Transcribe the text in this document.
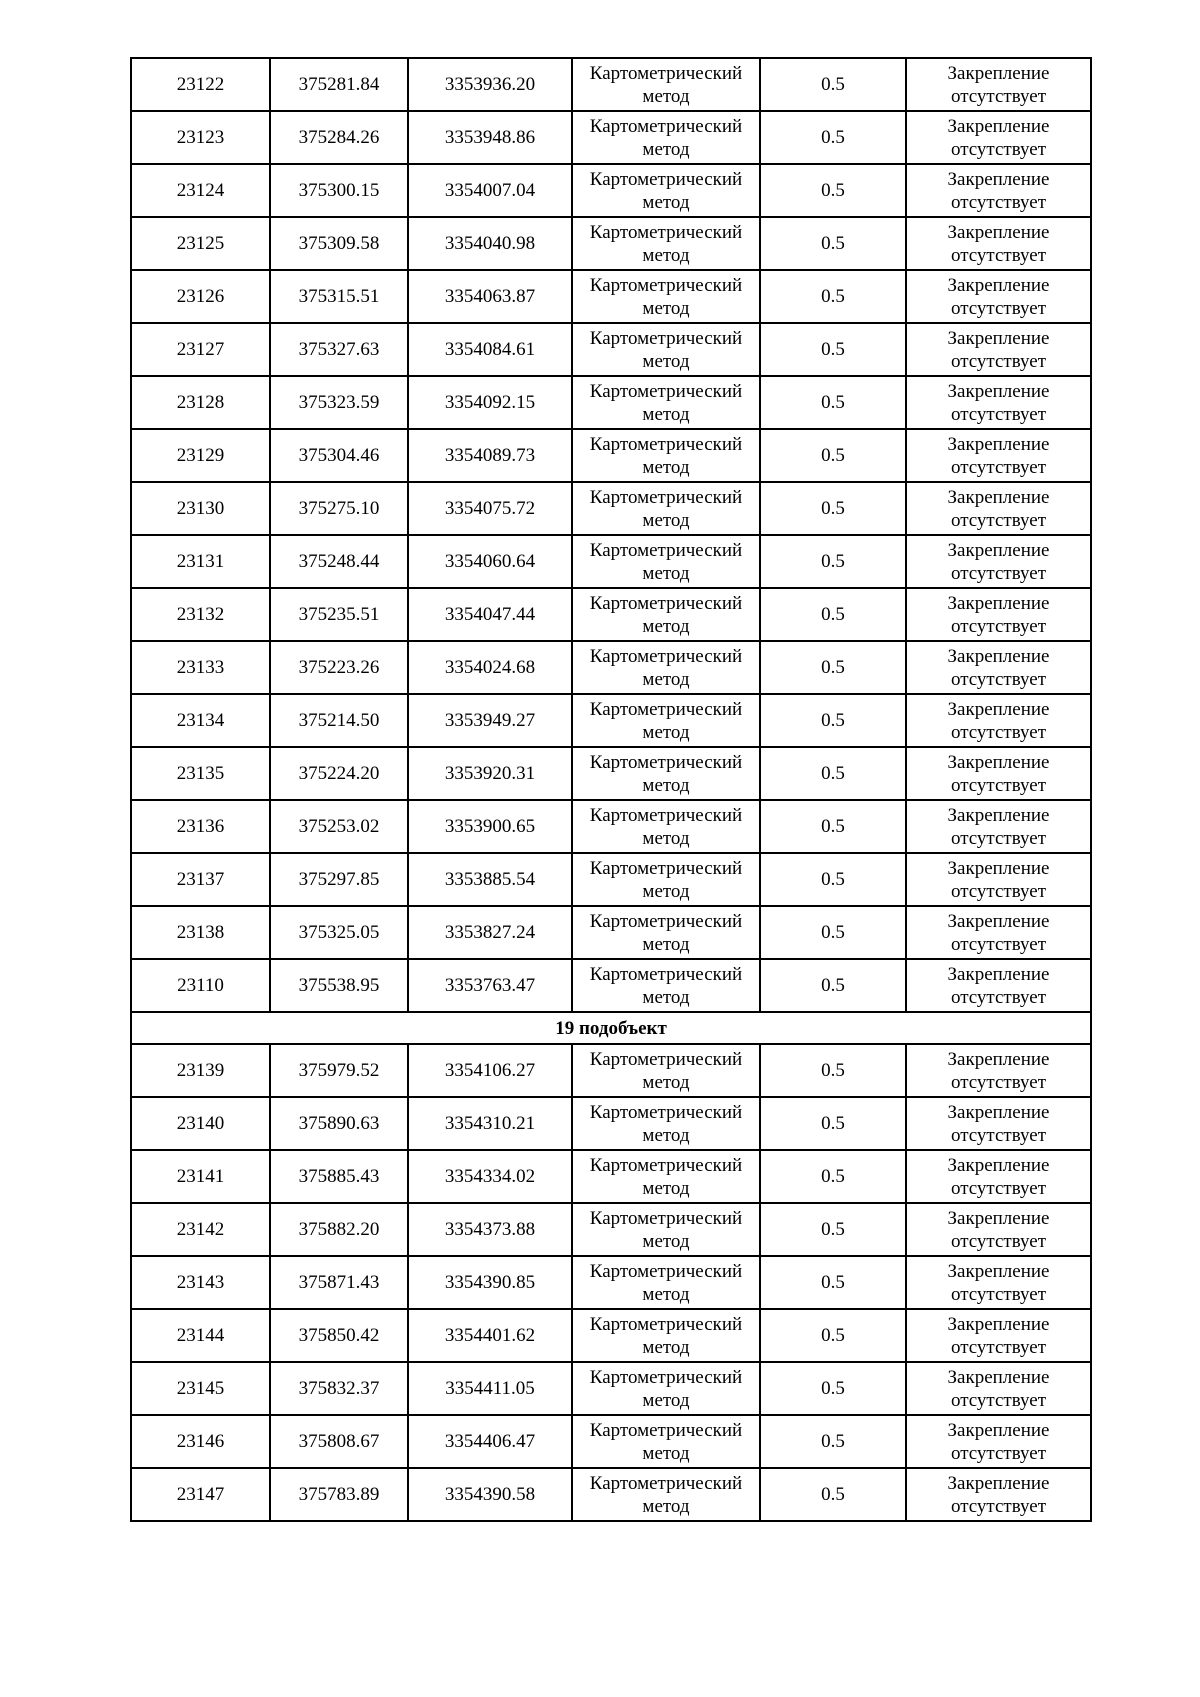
23122	375281.84	3353936.20	Картометрический
метод	0.5	Закрепление
отсутствует

23123	375284.26	3353948.86	Картометрический
метод	0.5	Закрепление
отсутствует

23124	375300.15	3354007.04	Картометрический
метод	0.5	Закрепление
отсутствует

23125	375309.58	3354040.98	Картометрический
метод	0.5	Закрепление
отсутствует

23126	375315.51	3354063.87	Картометрический
метод	0.5	Закрепление
отсутствует

23127	375327.63	3354084.61	Картометрический
метод	0.5	Закрепление
отсутствует

23128	375323.59	3354092.15	Картометрический
метод	0.5	Закрепление
отсутствует

23129	375304.46	3354089.73	Картометрический
метод	0.5	Закрепление
отсутствует

23130	375275.10	3354075.72	Картометрический
метод	0.5	Закрепление
отсутствует

23131	375248.44	3354060.64	Картометрический
метод	0.5	Закрепление
отсутствует

23132	375235.51	3354047.44	Картометрический
метод	0.5	Закрепление
отсутствует

23133	375223.26	3354024.68	Картометрический
метод	0.5	Закрепление
отсутствует

23134	375214.50	3353949.27	Картометрический
метод	0.5	Закрепление
отсутствует

23135	375224.20	3353920.31	Картометрический
метод	0.5	Закрепление
отсутствует

23136	375253.02	3353900.65	Картометрический
метод	0.5	Закрепление
отсутствует

23137	375297.85	3353885.54	Картометрический
метод	0.5	Закрепление
отсутствует

23138	375325.05	3353827.24	Картометрический
метод	0.5	Закрепление
отсутствует

23110	375538.95	3353763.47	Картометрический
метод	0.5	Закрепление
отсутствует

19 подобъект					
23139	375979.52	3354106.27	Картометрический
метод	0.5	Закрепление
отсутствует

23140	375890.63	3354310.21	Картометрический
метод	0.5	Закрепление
отсутствует

23141	375885.43	3354334.02	Картометрический
метод	0.5	Закрепление
отсутствует

23142	375882.20	3354373.88	Картометрический
метод	0.5	Закрепление
отсутствует

23143	375871.43	3354390.85	Картометрический
метод	0.5	Закрепление
отсутствует

23144	375850.42	3354401.62	Картометрический
метод	0.5	Закрепление
отсутствует

23145	375832.37	3354411.05	Картометрический
метод	0.5	Закрепление
отсутствует

23146	375808.67	3354406.47	Картометрический
метод	0.5	Закрепление
отсутствует

23147	375783.89	3354390.58	Картометрический
метод	0.5	Закрепление
отсутствует
